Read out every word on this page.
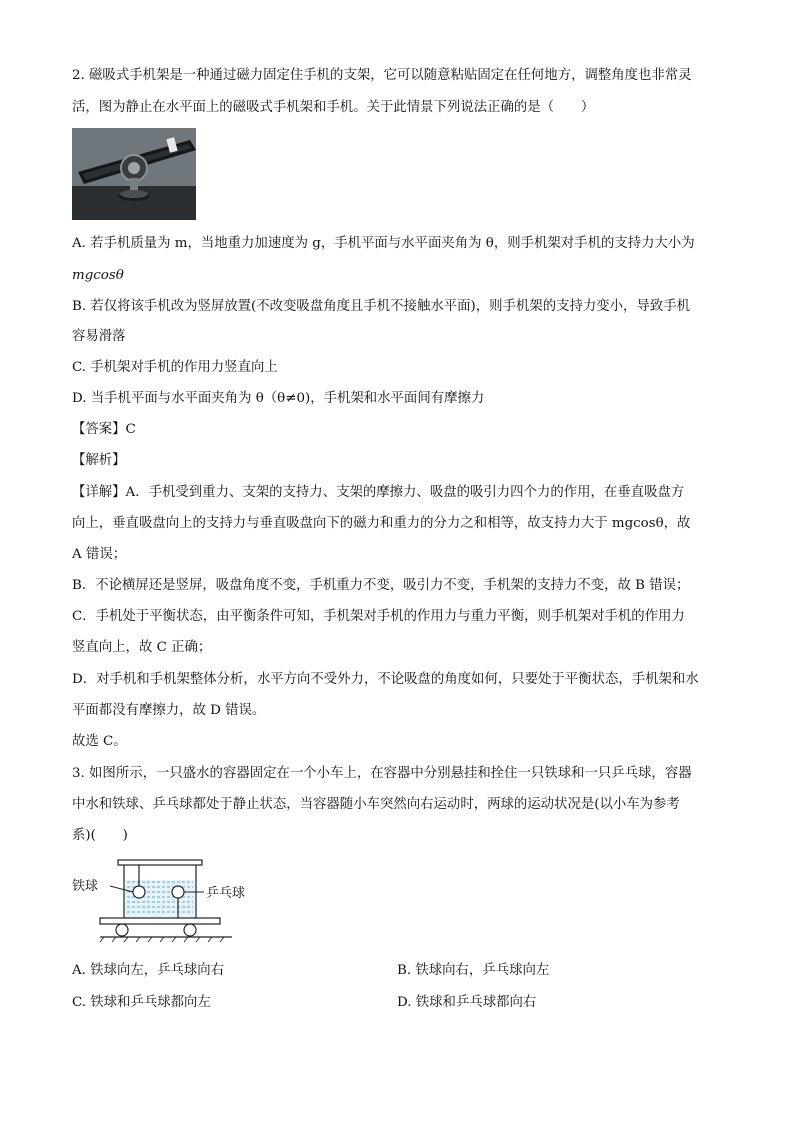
2. 磁吸式手机架是一种通过磁力固定住手机的支架，它可以随意粘贴固定在任何地方，调整角度也非常灵
活，图为静止在水平面上的磁吸式手机架和手机。关于此情景下列说法正确的是（　　）
A. 若手机质量为 m，当地重力加速度为 g，手机平面与水平面夹角为 θ，则手机架对手机的支持力大小为
mgcosθ
B. 若仅将该手机改为竖屏放置(不改变吸盘角度且手机不接触水平面)，则手机架的支持力变小，导致手机
容易滑落
C. 手机架对手机的作用力竖直向上
D. 当手机平面与水平面夹角为 θ（θ≠0)，手机架和水平面间有摩擦力
【答案】C
【解析】
【详解】A．手机受到重力、支架的支持力、支架的摩擦力、吸盘的吸引力四个力的作用，在垂直吸盘方
向上，垂直吸盘向上的支持力与垂直吸盘向下的磁力和重力的分力之和相等，故支持力大于 mgcosθ，故
A 错误；
B．不论横屏还是竖屏，吸盘角度不变，手机重力不变，吸引力不变，手机架的支持力不变，故 B 错误；
C．手机处于平衡状态，由平衡条件可知，手机架对手机的作用力与重力平衡，则手机架对手机的作用力
竖直向上，故 C 正确；
D．对手机和手机架整体分析，水平方向不受外力，不论吸盘的角度如何，只要处于平衡状态，手机架和水
平面都没有摩擦力，故 D 错误。
故选 C。
3. 如图所示，一只盛水的容器固定在一个小车上，在容器中分别悬挂和拴住一只铁球和一只乒乓球，容器
中水和铁球、乒乓球都处于静止状态，当容器随小车突然向右运动时，两球的运动状况是(以小车为参考
系)(　　)
铁球	乒乓球
A. 铁球向左，乒乓球向右	B. 铁球向右，乒乓球向左
C. 铁球和乒乓球都向左	D. 铁球和乒乓球都向右
